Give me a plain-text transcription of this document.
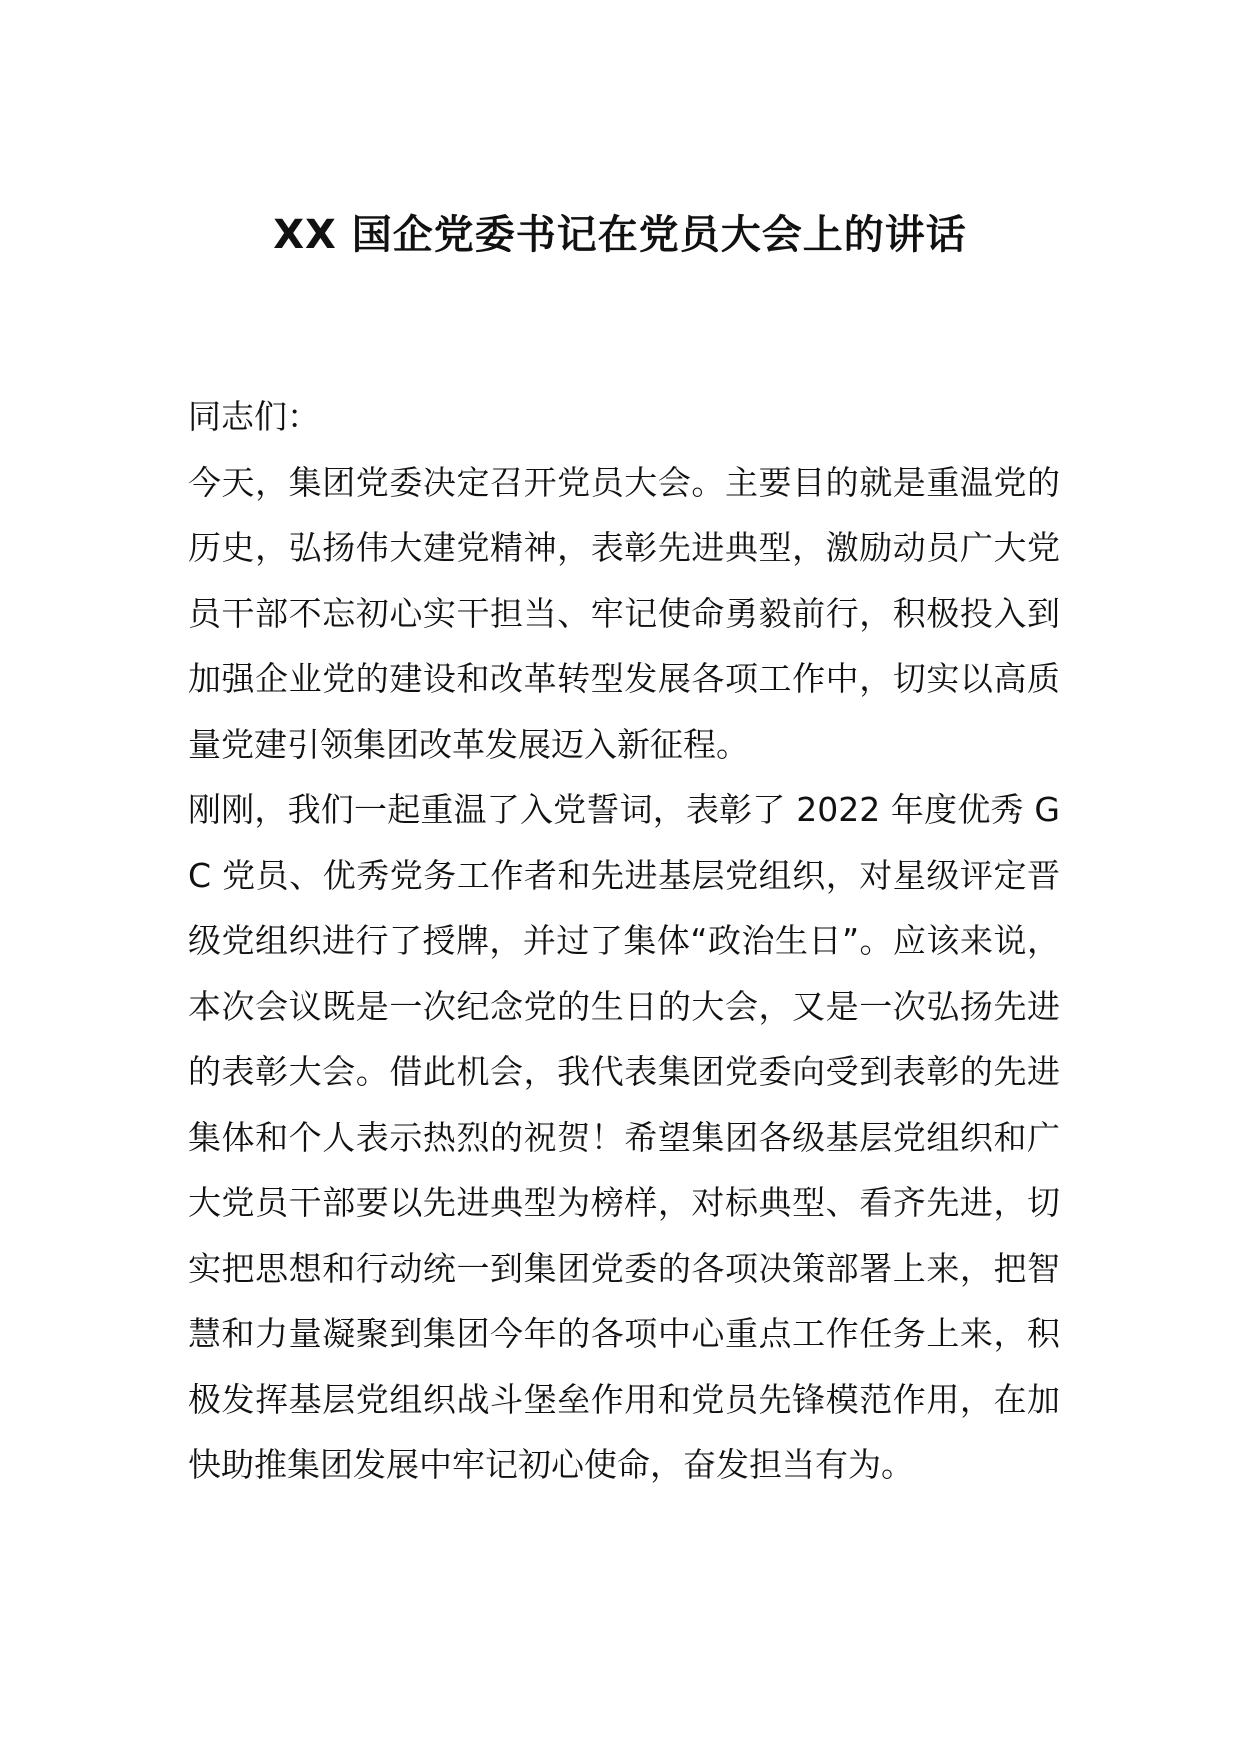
XX 国企党委书记在党员大会上的讲话

同志们：

今天，集团党委决定召开党员大会。主要目的就是重温党的历史，弘扬伟大建党精神，表彰先进典型，激励动员广大党员干部不忘初心实干担当、牢记使命勇毅前行，积极投入到加强企业党的建设和改革转型发展各项工作中，切实以高质量党建引领集团改革发展迈入新征程。

刚刚，我们一起重温了入党誓词，表彰了 2022 年度优秀 GC 党员、优秀党务工作者和先进基层党组织，对星级评定晋级党组织进行了授牌，并过了集体“政治生日”。应该来说，本次会议既是一次纪念党的生日的大会，又是一次弘扬先进的表彰大会。借此机会，我代表集团党委向受到表彰的先进集体和个人表示热烈的祝贺！希望集团各级基层党组织和广大党员干部要以先进典型为榜样，对标典型、看齐先进，切实把思想和行动统一到集团党委的各项决策部署上来，把智慧和力量凝聚到集团今年的各项中心重点工作任务上来，积极发挥基层党组织战斗堡垒作用和党员先锋模范作用，在加快助推集团发展中牢记初心使命，奋发担当有为。
